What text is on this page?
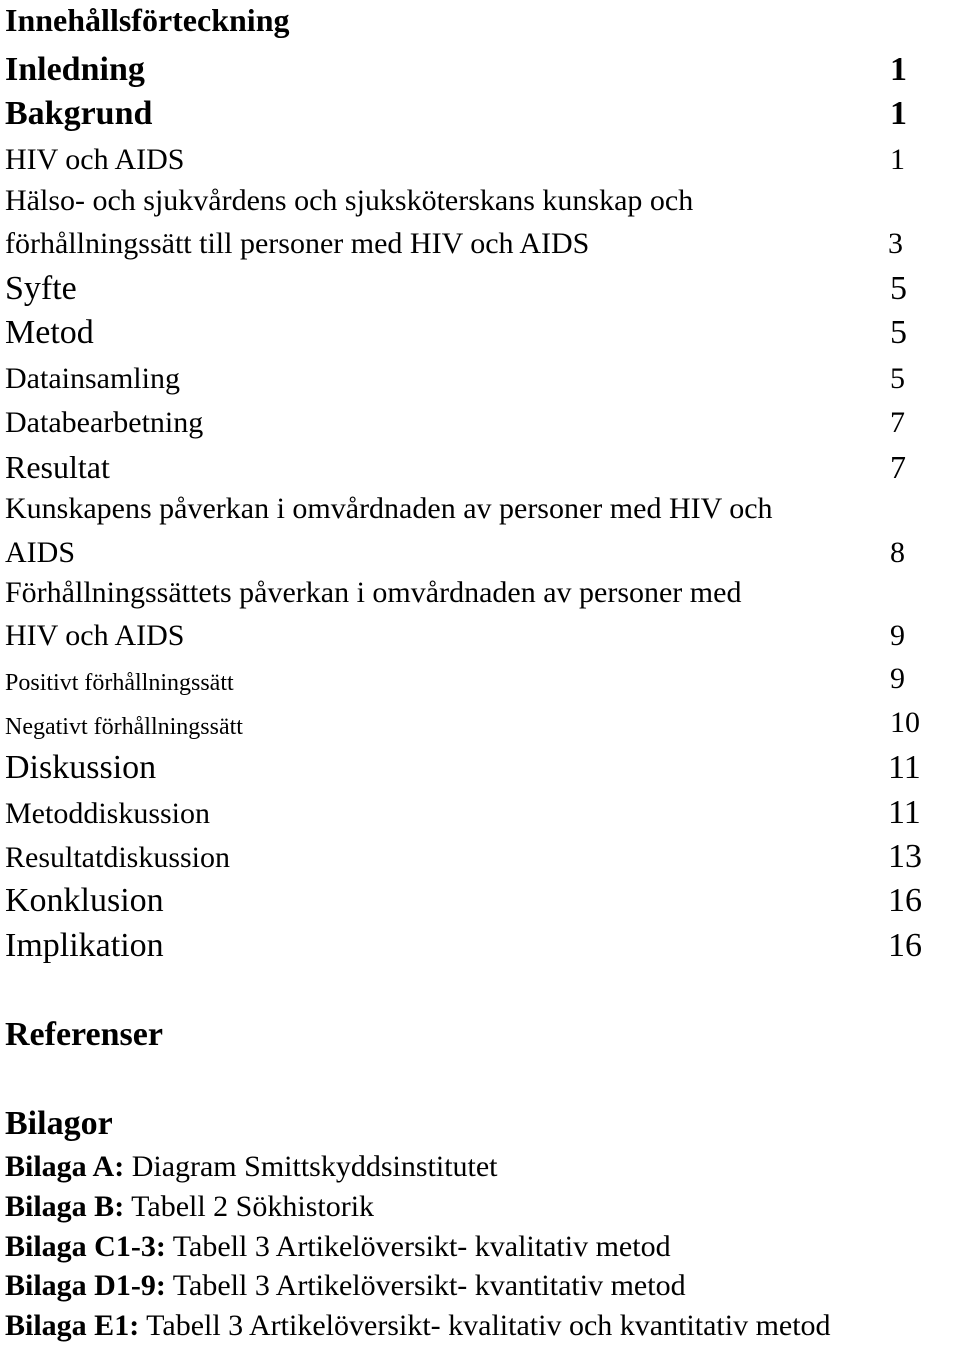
Innehållsförteckning
Inledning	1
Bakgrund	1
HIV och AIDS	1
Hälso- och sjukvårdens och sjuksköterskans kunskap och
förhållningssätt till personer med HIV och AIDS	3
Syfte	5
Metod	5
Datainsamling	5
Databearbetning	7
Resultat	7
Kunskapens påverkan i omvårdnaden av personer med HIV och
AIDS	8
Förhållningssättets påverkan i omvårdnaden av personer med
HIV och AIDS	9
Positivt förhållningssätt	9
Negativt förhållningssätt	10
Diskussion	11
Metoddiskussion	11
Resultatdiskussion	13
Konklusion	16
Implikation	16
Referenser
Bilagor
Bilaga A: Diagram Smittskyddsinstitutet
Bilaga B: Tabell 2 Sökhistorik
Bilaga C1-3: Tabell 3 Artikelöversikt- kvalitativ metod
Bilaga D1-9: Tabell 3 Artikelöversikt- kvantitativ metod
Bilaga E1: Tabell 3 Artikelöversikt- kvalitativ och kvantitativ metod
